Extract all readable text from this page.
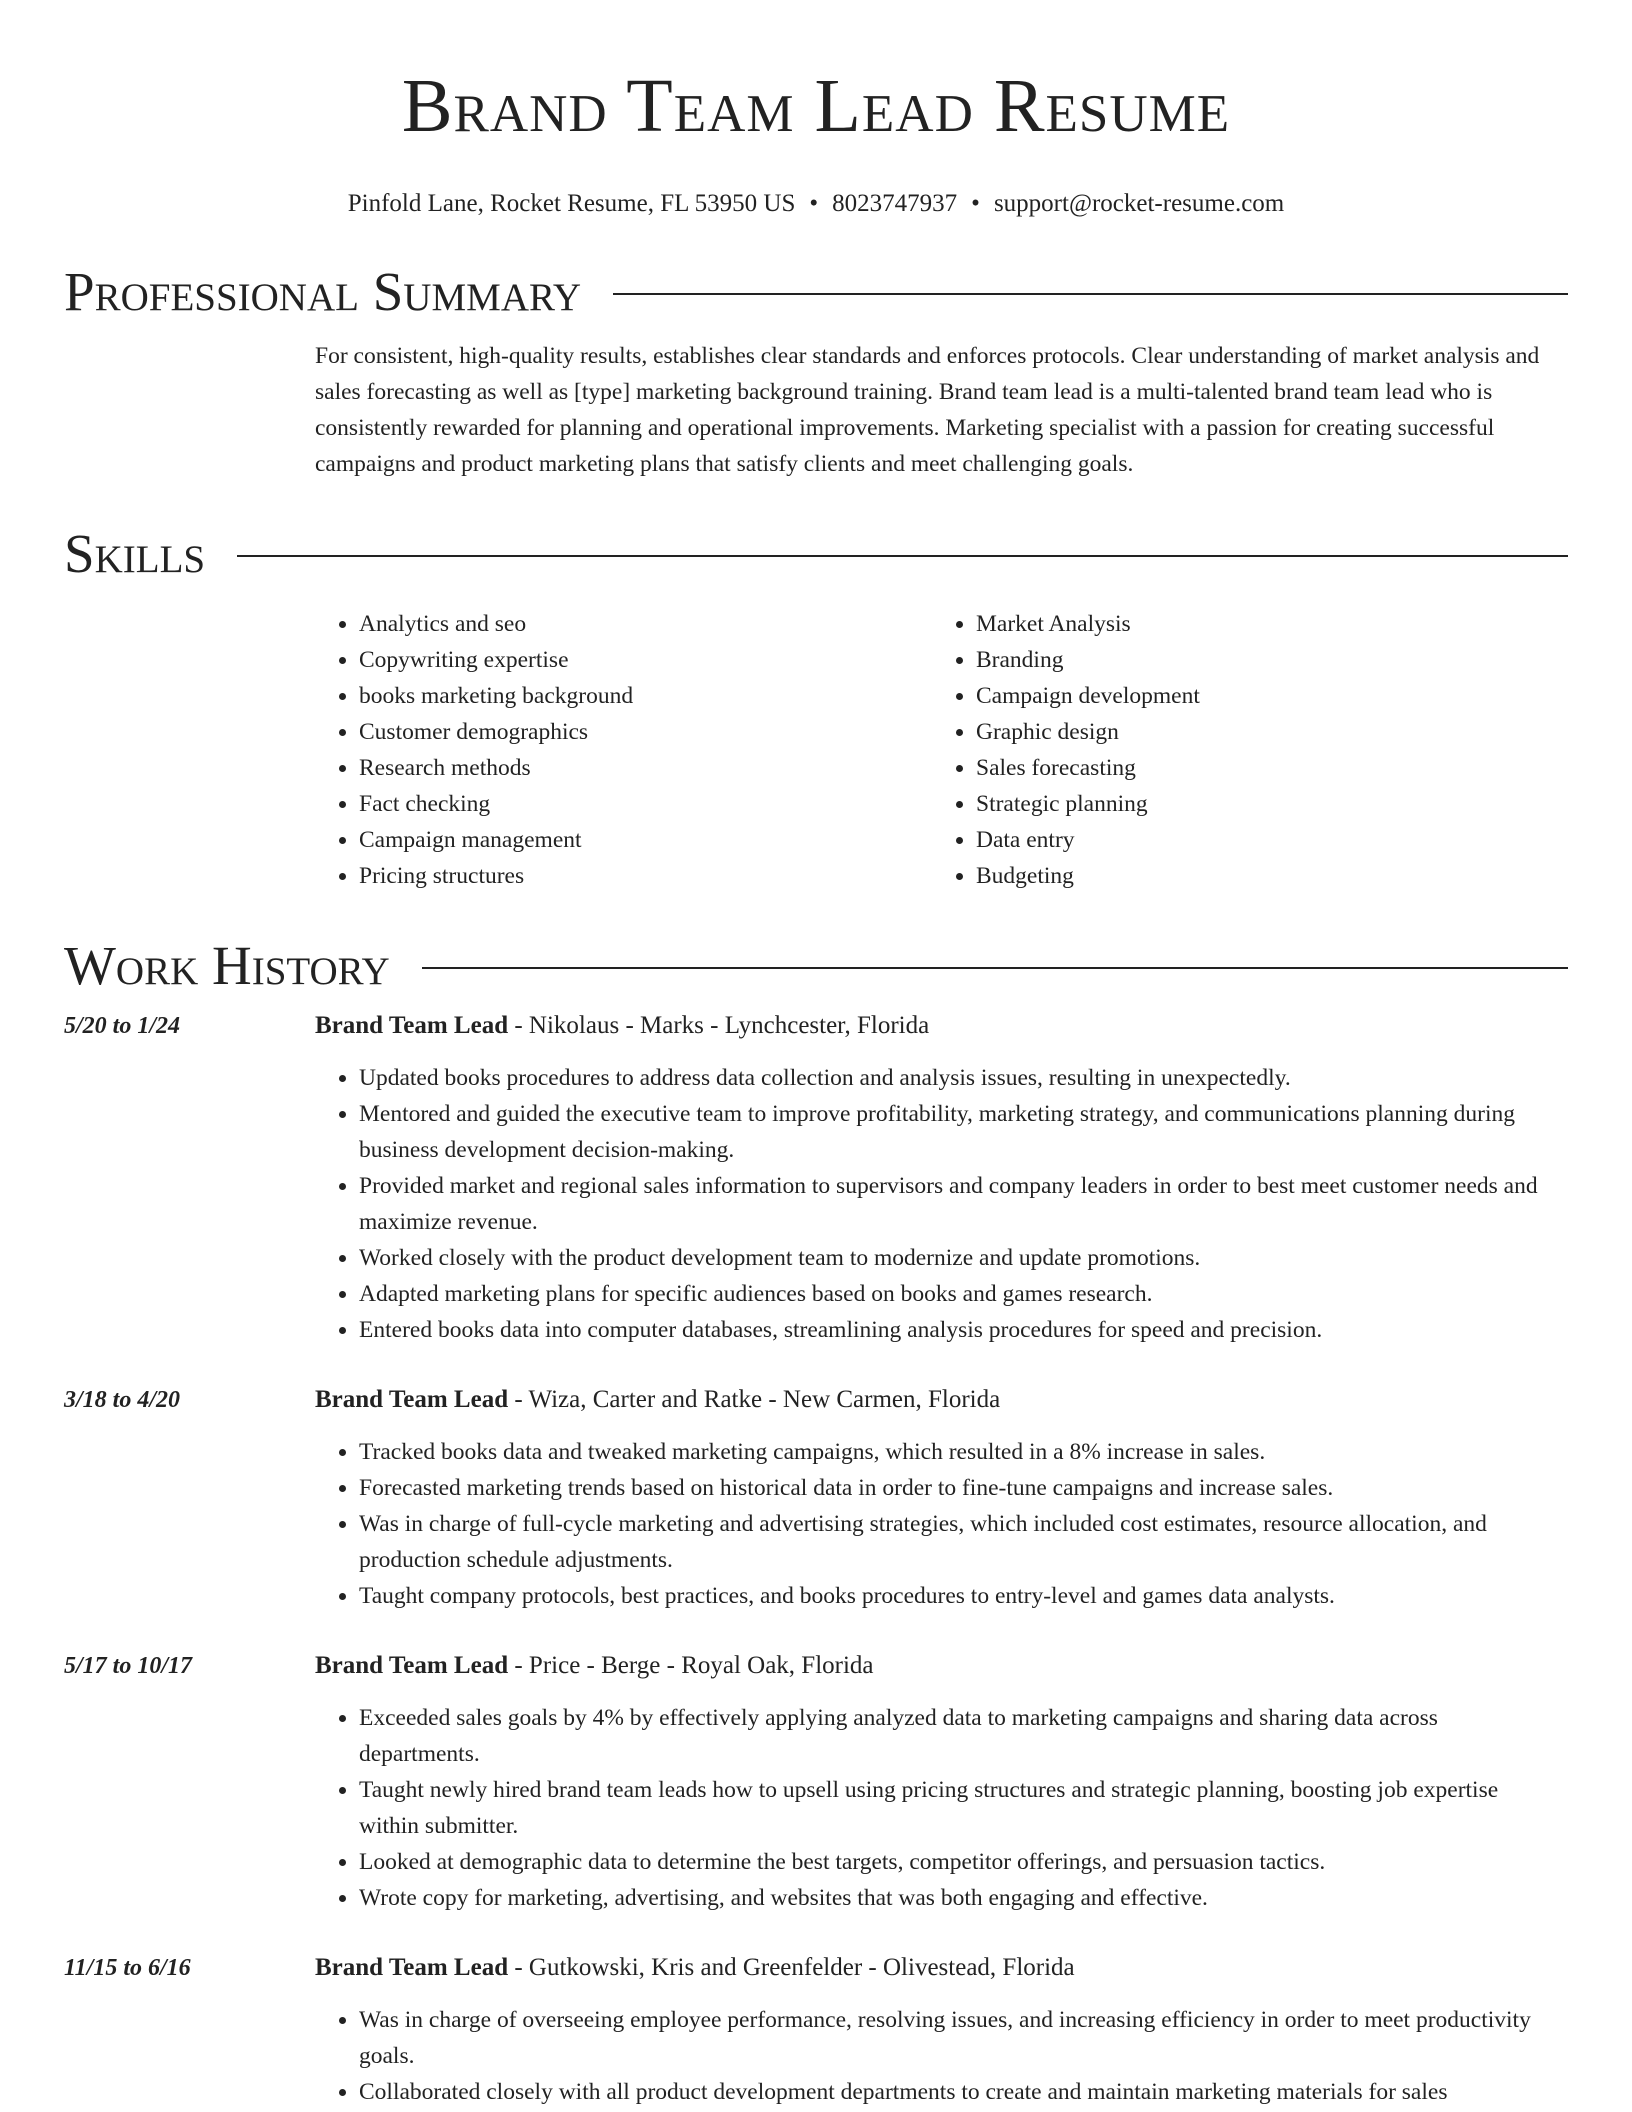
Brand Team Lead Resume
Pinfold Lane, Rocket Resume, FL 53950 US • 8023747937 • support@rocket-resume.com
Professional Summary

For consistent, high-quality results, establishes clear standards and enforces protocols. Clear understanding of market analysis and sales forecasting as well as [type] marketing background training. Brand team lead is a multi-talented brand team lead who is consistently rewarded for planning and operational improvements. Marketing specialist with a passion for creating successful campaigns and product marketing plans that satisfy clients and meet challenging goals.

Skills
• Analytics and seo
• Copywriting expertise
• books marketing background
• Customer demographics
• Research methods
• Fact checking
• Campaign management
• Pricing structures
• Market Analysis
• Branding
• Campaign development
• Graphic design
• Sales forecasting
• Strategic planning
• Data entry
• Budgeting
Work History
5/20 to 1/24	Brand Team Lead - Nikolaus - Marks - Lynchcester, Florida
• Updated books procedures to address data collection and analysis issues, resulting in unexpectedly.
• Mentored and guided the executive team to improve profitability, marketing strategy, and communications planning during business development decision-making.
• Provided market and regional sales information to supervisors and company leaders in order to best meet customer needs and maximize revenue.
• Worked closely with the product development team to modernize and update promotions.
• Adapted marketing plans for specific audiences based on books and games research.
• Entered books data into computer databases, streamlining analysis procedures for speed and precision.
3/18 to 4/20	Brand Team Lead - Wiza, Carter and Ratke - New Carmen, Florida
• Tracked books data and tweaked marketing campaigns, which resulted in a 8% increase in sales.
• Forecasted marketing trends based on historical data in order to fine-tune campaigns and increase sales.
• Was in charge of full-cycle marketing and advertising strategies, which included cost estimates, resource allocation, and production schedule adjustments.
• Taught company protocols, best practices, and books procedures to entry-level and games data analysts.
5/17 to 10/17	Brand Team Lead - Price - Berge - Royal Oak, Florida
• Exceeded sales goals by 4% by effectively applying analyzed data to marketing campaigns and sharing data across departments.
• Taught newly hired brand team leads how to upsell using pricing structures and strategic planning, boosting job expertise within submitter.
• Looked at demographic data to determine the best targets, competitor offerings, and persuasion tactics.
• Wrote copy for marketing, advertising, and websites that was both engaging and effective.
11/15 to 6/16	Brand Team Lead - Gutkowski, Kris and Greenfelder - Olivestead, Florida
• Was in charge of overseeing employee performance, resolving issues, and increasing efficiency in order to meet productivity goals.
• Collaborated closely with all product development departments to create and maintain marketing materials for sales
